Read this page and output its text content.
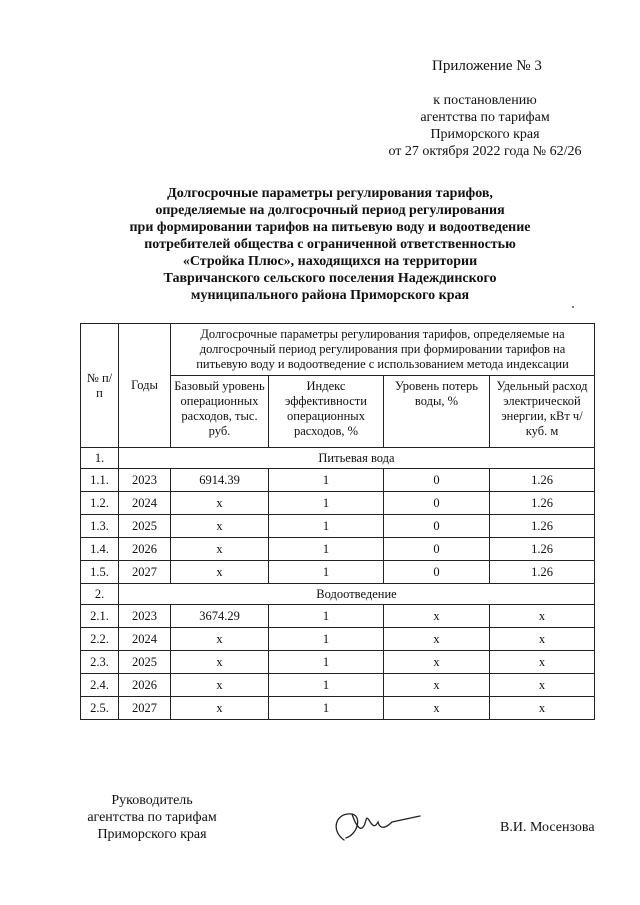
Приложение № 3
к постановлению
агентства по тарифам
Приморского края
от 27 октября 2022 года № 62/26
Долгосрочные параметры регулирования тарифов,
определяемые на долгосрочный период регулирования
при формировании тарифов на питьевую воду и водоотведение
потребителей общества с ограниченной ответственностью
«Стройка Плюс», находящихся на территории
Тавричанского сельского поселения Надеждинского
муниципального района Приморского края
№ п/п	Годы	Долгосрочные параметры регулирования тарифов, определяемые на долгосрочный период регулирования при формировании тарифов на питьевую воду и водоотведение с использованием метода индексации			
		Базовый уровень операционных расходов, тыс. руб.	Индекс эффективности операционных расходов, %	Уровень потерь воды, %	Удельный расход электрической энергии, кВт ч/куб. м
1.	Питьевая вода				
1.1.	2023	6914.39	1	0	1.26
1.2.	2024	х	1	0	1.26
1.3.	2025	х	1	0	1.26
1.4.	2026	х	1	0	1.26
1.5.	2027	х	1	0	1.26
2.	Водоотведение				
2.1.	2023	3674.29	1	х	х
2.2.	2024	х	1	х	х
2.3.	2025	х	1	х	х
2.4.	2026	х	1	х	х
2.5.	2027	х	1	х	х
Руководитель
агентства по тарифам
Приморского края	В.И. Мосензова
